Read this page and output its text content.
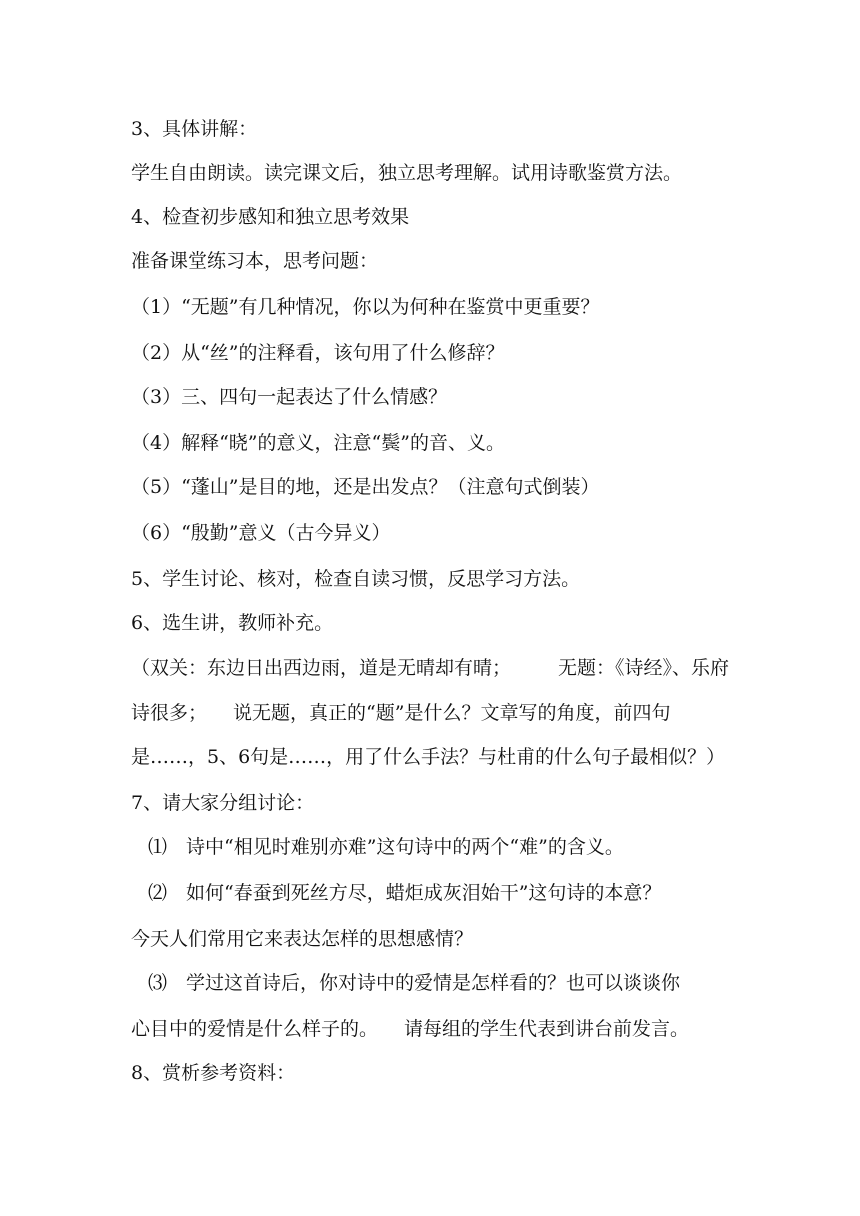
3、具体讲解：
学生自由朗读。读完课文后，独立思考理解。试用诗歌鉴赏方法。
4、检查初步感知和独立思考效果
准备课堂练习本，思考问题：
（1）“无题”有几种情况，你以为何种在鉴赏中更重要？
（2）从“丝”的注释看，该句用了什么修辞？
（3）三、四句一起表达了什么情感？
（4）解释“晓”的意义，注意“鬓”的音、义。
（5）“蓬山”是目的地，还是出发点？（注意句式倒装）
（6）“殷勤”意义（古今异义）
5、学生讨论、核对，检查自读习惯，反思学习方法。
6、选生讲，教师补充。
（双关：东边日出西边雨，道是无晴却有晴； 无题：《诗经》、乐府
诗很多； 说无题，真正的“题”是什么？文章写的角度，前四句
是……，5、6句是……，用了什么手法？与杜甫的什么句子最相似？）
7、请大家分组讨论：
⑴　诗中“相见时难别亦难”这句诗中的两个“难”的含义。
⑵　如何“春蚕到死丝方尽，蜡炬成灰泪始干”这句诗的本意？
今天人们常用它来表达怎样的思想感情？
⑶　学过这首诗后，你对诗中的爱情是怎样看的？也可以谈谈你
心目中的爱情是什么样子的。 请每组的学生代表到讲台前发言。
8、赏析参考资料：
